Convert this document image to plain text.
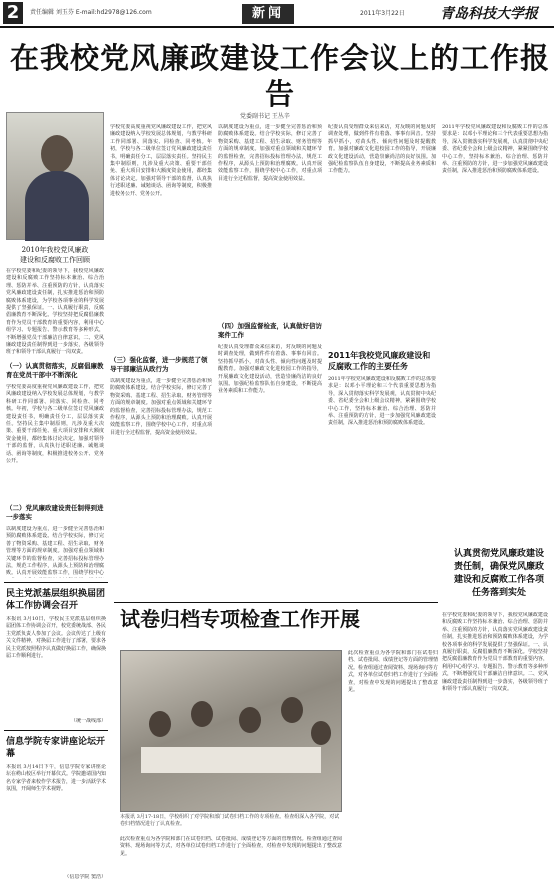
2	责任编辑 刘玉芬 E-mail:hd2978@126.com	新闻	2011年3月22日	青岛科技大学报
在我校党风廉政建设工作会议上的工作报告
党委副书记 王丛辛
2010年我校党风廉政
建设和反腐败工作回顾
在学校党委和纪委的领导下，我校党风廉政建设和反腐败工作坚持标本兼治、综合治理、惩防并举、注重预防的方针，认真落实党风廉政建设责任制，扎实推进惩治和预防腐败体系建设，为学校各项事业的科学发展提供了坚强保证。一、认真履行职责，反腐倡廉教育不断深化。学校坚持把反腐倡廉教育作为党员干部教育的重要内容，利用中心组学习、专题报告、警示教育等多种形式，不断增强党员干部廉洁自律意识。二、党风廉政建设责任制得到进一步落实，各级领导班子和领导干部认真履行一岗双责。
（一）认真贯彻落实，反腐倡廉教育在党员干部中不断深化
学校党委高度重视党风廉政建设工作，把党风廉政建设纳入学校发展总体规划，与教学科研工作同部署、同落实、同检查、同考核。年初，学校与各二级单位签订党风廉政建设责任书，明确责任分工，层层落实责任。坚持民主集中制原则，凡涉及重大决策、重要干部任免、重大项目安排和大额度资金使用，都经集体讨论决定。加强对领导干部的监督，认真执行述职述廉、诫勉谈话、函询等制度，积极推进校务公开、党务公开。
（二）党风廉政建设责任制得到进一步落实
以制度建设为重点，进一步健全完善惩治和预防腐败体系建设。结合学校实际，修订完善了物资采购、基建工程、招生录取、财务管理等方面的规章制度。加强对重点领域和关键环节的监督检查，完善招标投标管理办法，规范工作程序，从源头上预防和治理腐败。认真开展效能监察工作，围绕学校中心
学校党委高度重视党风廉政建设工作，把党风廉政建设纳入学校发展总体规划，与教学科研工作同部署、同落实、同检查、同考核。年初，学校与各二级单位签订党风廉政建设责任书，明确责任分工，层层落实责任。坚持民主集中制原则，凡涉及重大决策、重要干部任免、重大项目安排和大额度资金使用，都经集体讨论决定。加强对领导干部的监督，认真执行述职述廉、诫勉谈话、函询等制度，积极推进校务公开、党务公开。
（三）强化监督，进一步规范了领导干部廉洁从政行为
以制度建设为重点，进一步健全完善惩治和预防腐败体系建设。结合学校实际，修订完善了物资采购、基建工程、招生录取、财务管理等方面的规章制度。加强对重点领域和关键环节的监督检查，完善招标投标管理办法，规范工作程序，从源头上预防和治理腐败。认真开展效能监察工作，围绕学校中心工作，对重点项目进行全过程监督，提高资金使用效益。
以制度建设为重点，进一步健全完善惩治和预防腐败体系建设。结合学校实际，修订完善了物资采购、基建工程、招生录取、财务管理等方面的规章制度。加强对重点领域和关键环节的监督检查，完善招标投标管理办法，规范工作程序，从源头上预防和治理腐败。认真开展效能监察工作，围绕学校中心工作，对重点项目进行全过程监督，提高资金使用效益。
（四）加强监督检查，认真做好信访案件工作
纪委认真受理群众来信来访，对反映的问题及时调查处理，做到件件有着落、事事有回音。坚持抓早抓小，对苗头性、倾向性问题及时提醒教育。加强对廉政文化进校园工作的指导，开展廉政文化建设活动，营造崇廉尚洁的良好氛围。加强纪检监察队伍自身建设，不断提高业务素质和工作能力。
纪委认真受理群众来信来访，对反映的问题及时调查处理，做到件件有着落、事事有回音。坚持抓早抓小，对苗头性、倾向性问题及时提醒教育。加强对廉政文化进校园工作的指导，开展廉政文化建设活动，营造崇廉尚洁的良好氛围。加强纪检监察队伍自身建设，不断提高业务素质和工作能力。
2011年我校党风廉政建设和反腐败工作的主要任务
2011年学校党风廉政建设和反腐败工作的总体要求是：以邓小平理论和三个代表重要思想为指导，深入贯彻落实科学发展观，认真贯彻中央纪委、省纪委全会和上级会议精神，紧紧围绕学校中心工作，坚持标本兼治、综合治理、惩防并举、注重预防的方针，进一步加强党风廉政建设责任制，深入推进惩治和预防腐败体系建设。
2011年学校党风廉政建设和反腐败工作的总体要求是：以邓小平理论和三个代表重要思想为指导，深入贯彻落实科学发展观，认真贯彻中央纪委、省纪委全会和上级会议精神，紧紧围绕学校中心工作，坚持标本兼治、综合治理、惩防并举、注重预防的方针，进一步加强党风廉政建设责任制，深入推进惩治和预防腐败体系建设。
认真贯彻党风廉政建设责任制，确保党风廉政建设和反腐败工作各项任务落到实处
在学校党委和纪委的领导下，我校党风廉政建设和反腐败工作坚持标本兼治、综合治理、惩防并举、注重预防的方针，认真落实党风廉政建设责任制，扎实推进惩治和预防腐败体系建设，为学校各项事业的科学发展提供了坚强保证。一、认真履行职责，反腐倡廉教育不断深化。学校坚持把反腐倡廉教育作为党员干部教育的重要内容，利用中心组学习、专题报告、警示教育等多种形式，不断增强党员干部廉洁自律意识。二、党风廉政建设责任制得到进一步落实，各级领导班子和领导干部认真履行一岗双责。
民主党派基层组织换届团体工作协调会召开
本报讯 3月10日，学校民主党派基层组织换届团体工作协调会召开，校党委统战部、各民主党派负责人参加了会议。会议传达了上级有关文件精神，对换届工作进行了部署，要求各民主党派按照程序认真做好换届工作，确保换届工作顺利进行。
（统一战线部）
信息学院专家讲座论坛开幕
本报讯 3月14日下午，信息学院专家讲座论坛在崂山校区举行开幕仪式。学院邀请国内知名专家学者来校作学术报告，进一步活跃学术氛围，开阔师生学术视野。
（信息学院 窦浩）
试卷归档专项检查工作开展
本报讯 3月17-18日，学校组织了对学院和部门试卷归档工作的专项检查。检查组深入各学院，对试卷归档情况进行了认真检查。
此次检查重点为各学院和部门在试卷归档、试卷批阅、成绩登记等方面的管理情况。检查组通过查阅资料、现场询问等方式，对各单位试卷归档工作进行了全面检查，对检查中发现的问题提出了整改意见。
此次检查重点为各学院和部门在试卷归档、试卷批阅、成绩登记等方面的管理情况。检查组通过查阅资料、现场询问等方式，对各单位试卷归档工作进行了全面检查，对检查中发现的问题提出了整改意见。
